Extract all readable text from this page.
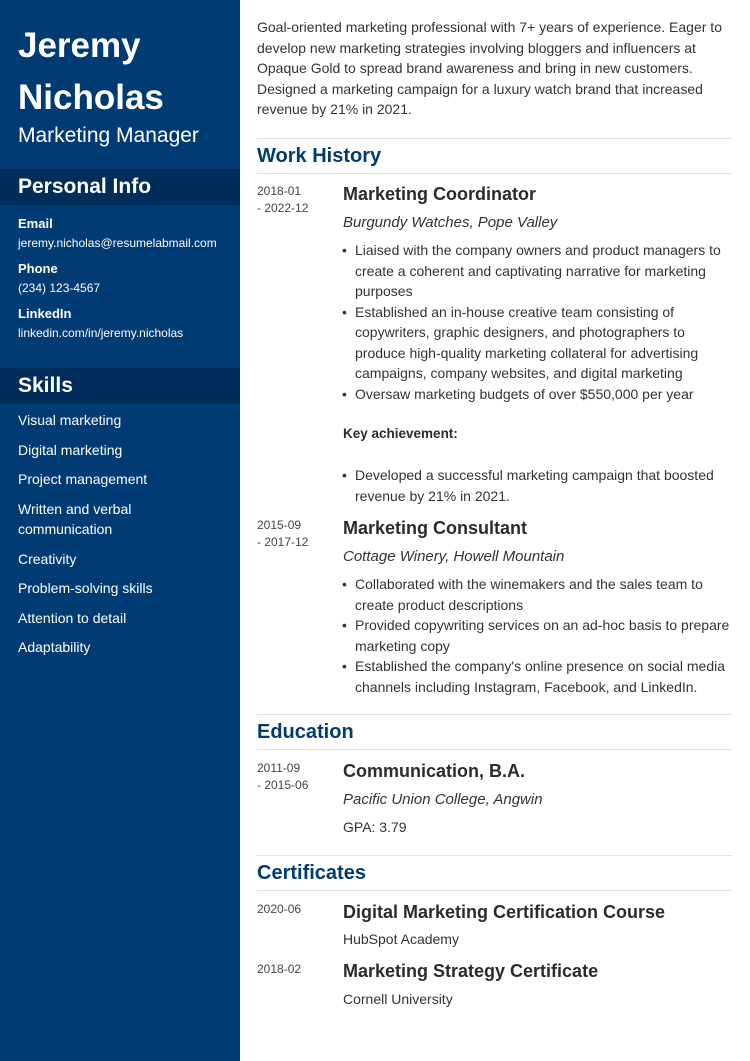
Jeremy
Nicholas
Marketing Manager
Personal Info
Email
jeremy.nicholas@resumelabmail.com
Phone
(234) 123-4567
LinkedIn
linkedin.com/in/jeremy.nicholas
Skills
Visual marketing
Digital marketing
Project management
Written and verbal communication
Creativity
Problem-solving skills
Attention to detail
Adaptability

Goal-oriented marketing professional with 7+ years of experience. Eager to develop new marketing strategies involving bloggers and influencers at Opaque Gold to spread brand awareness and bring in new customers. Designed a marketing campaign for a luxury watch brand that increased revenue by 21% in 2021.

Work History
2018-01
- 2022-12
Marketing Coordinator
Burgundy Watches, Pope Valley
• Liaised with the company owners and product managers to create a coherent and captivating narrative for marketing purposes
• Established an in-house creative team consisting of copywriters, graphic designers, and photographers to produce high-quality marketing collateral for advertising campaigns, company websites, and digital marketing
• Oversaw marketing budgets of over $550,000 per year
Key achievement:
• Developed a successful marketing campaign that boosted revenue by 21% in 2021.
2015-09
- 2017-12
Marketing Consultant
Cottage Winery, Howell Mountain
• Collaborated with the winemakers and the sales team to create product descriptions
• Provided copywriting services on an ad-hoc basis to prepare marketing copy
• Established the company's online presence on social media channels including Instagram, Facebook, and LinkedIn.
Education
2011-09
- 2015-06
Communication, B.A.
Pacific Union College, Angwin
GPA: 3.79
Certificates
2020-06	Digital Marketing Certification Course
HubSpot Academy
2018-02	Marketing Strategy Certificate
Cornell University
